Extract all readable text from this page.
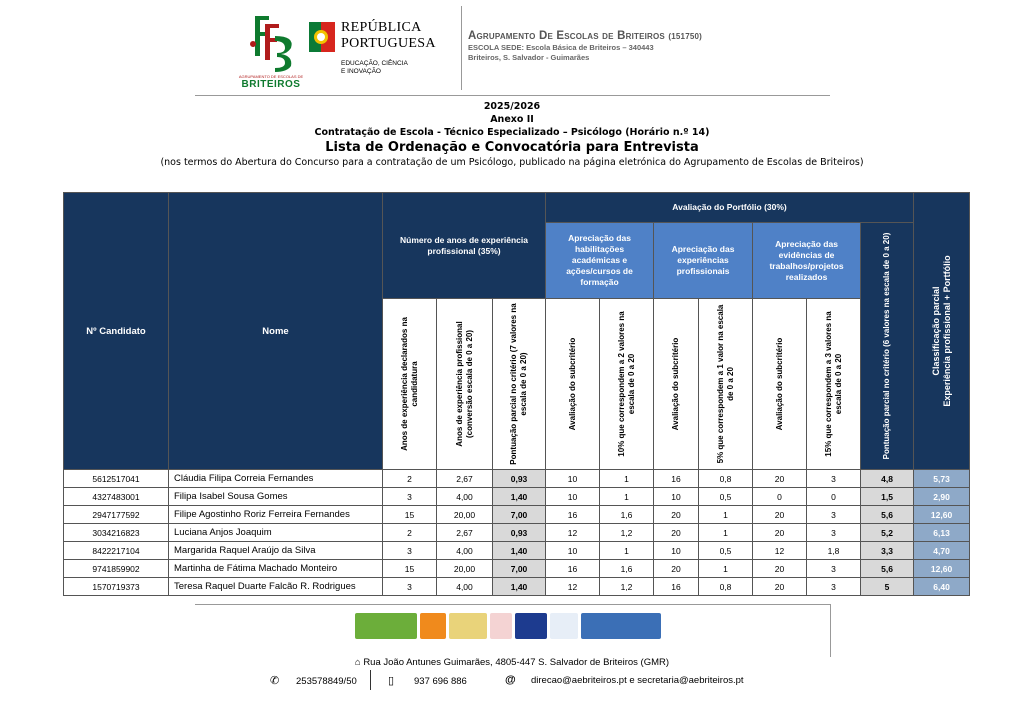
AGRUPAMENTO DE ESCOLAS DE
BRITEIROS
REPÚBLICA
PORTUGUESA
EDUCAÇÃO, CIÊNCIA
E INOVAÇÃO
Agrupamento De Escolas de Briteiros (151750)
ESCOLA SEDE: Escola Básica de Briteiros – 340443
Briteiros, S. Salvador - Guimarães
2025/2026
Anexo II
Contratação de Escola - Técnico Especializado – Psicólogo (Horário n.º 14)
Lista de Ordenação e Convocatória para Entrevista
(nos termos do Abertura do Concurso para a contratação de um Psicólogo, publicado na página eletrónica do Agrupamento de Escolas de Briteiros)
Nº Candidato	Nome	Número de anos de experiência profissional (35%)			Avaliação do Portfólio (30%)							Classificação parcial Experiência profissional + Portfólio

					Apreciação das habilitações académicas e ações/cursos de formação		Apreciação das experiências profissionais		Apreciação das evidências de trabalhos/projetos realizados		Pontuação parcial no critério (6 valores na escala de 0 a 20)	

		Anos de experiência declarados na candidatura	Anos de experiência profissional (conversão escala de 0 a 20)	Pontuação parcial no critério (7 valores na escala de 0 a 20)	Avaliação do subcritério	10% que correspondem a 2 valores na escala de 0 a 20	Avaliação do subcritério	5% que correspondem a 1 valor na escala de 0 a 20	Avaliação do subcritério	15% que correspondem a 3 valores na escala de 0 a 20		

5612517041	Cláudia Filipa Correia Fernandes	2	2,67	0,93	10	1	16	0,8	20	3	4,8	5,73
4327483001	Filipa Isabel Sousa Gomes	3	4,00	1,40	10	1	10	0,5	0	0	1,5	2,90
2947177592	Filipe Agostinho Roriz Ferreira Fernandes	15	20,00	7,00	16	1,6	20	1	20	3	5,6	12,60
3034216823	Luciana Anjos Joaquim	2	2,67	0,93	12	1,2	20	1	20	3	5,2	6,13
8422217104	Margarida Raquel Araújo da Silva	3	4,00	1,40	10	1	10	0,5	12	1,8	3,3	4,70
9741859902	Martinha de Fátima Machado Monteiro	15	20,00	7,00	16	1,6	20	1	20	3	5,6	12,60
1570719373	Teresa Raquel Duarte Falcão R. Rodrigues	3	4,00	1,40	12	1,2	16	0,8	20	3	5	6,40
⌂ Rua João Antunes Guimarães, 4805-447 S. Salvador de Briteiros (GMR)
✆ 253578849/50	▯ 937 696 886	@ direcao@aebriteiros.pt e secretaria@aebriteiros.pt
